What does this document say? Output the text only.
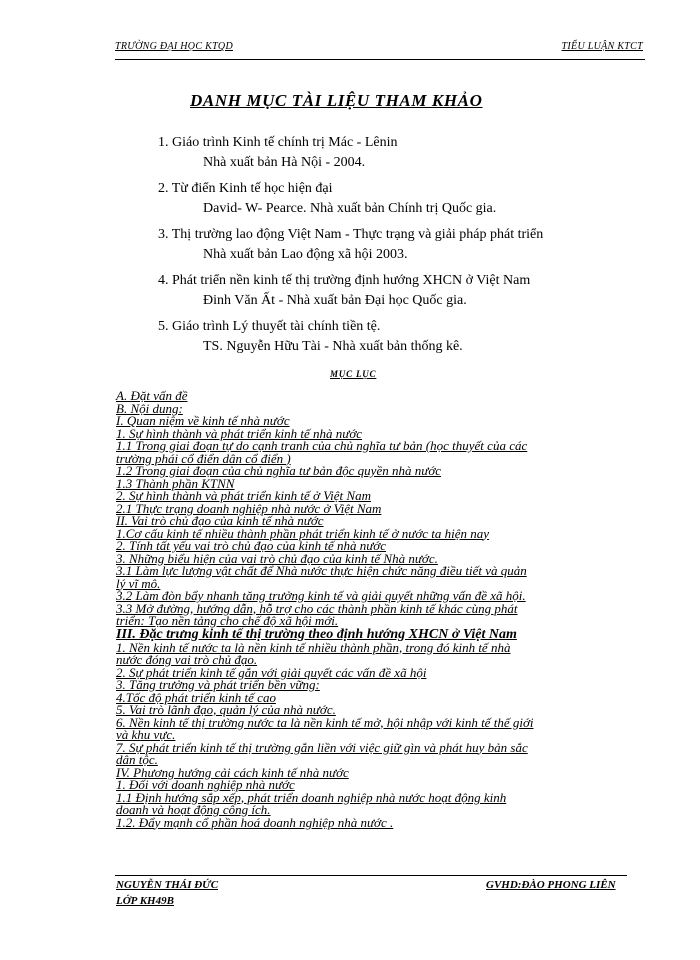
TRƯỜNG ĐẠI HỌC KTQD	TIỂU LUẬN KTCT
DANH MỤC TÀI LIỆU THAM KHẢO
1. Giáo trình Kinh tế chính trị Mác - Lênin
Nhà xuất bản Hà Nội - 2004.
2. Từ điển Kinh tế học hiện đại
David- W- Pearce. Nhà xuất bản Chính trị Quốc gia.
3. Thị trường lao động Việt Nam - Thực trạng và giải pháp phát triển
Nhà xuất bản Lao động xã hội 2003.
4. Phát triển nền kinh tế thị trường định hướng XHCN ở Việt Nam
Đinh Văn Ất - Nhà xuất bản Đại học Quốc gia.
5. Giáo trình Lý thuyết tài chính tiền tệ.
TS. Nguyễn Hữu Tài - Nhà xuất bản thống kê.
MỤC LỤC
A. Đặt vấn đề
B. Nội dung:
I. Quan niệm về kinh tế nhà nước
1. Sự hình thành và phát triển kinh tế nhà nước
1.1 Trong giai đoạn tự do cạnh tranh của chủ nghĩa tư bản (học thuyết của các
trường phái cổ điển dân cổ điển )
1.2 Trong giai đoạn của chủ nghĩa tư bản độc quyền nhà nước
1.3 Thành phần KTNN
2. Sự hình thành và phát triển kinh tế ở Việt Nam
2.1 Thực trạng doanh nghiệp nhà nước ở Việt Nam
II. Vai trò chủ đạo của kinh tế nhà nước
1.Cơ cấu kinh tế nhiều thành phần phát triển kinh tế ở nước ta hiện nay
2. Tính tất yếu vai trò chủ đạo của kinh tế nhà nước
3. Những biểu hiện của vai trò chủ đạo của kinh tế Nhà nước.
3.1 Làm lực lượng vật chất để Nhà nước thực hiện chức năng điều tiết và quản
lý vĩ mô.
3.2 Làm đòn bẩy nhanh tăng trưởng kinh tế và giải quyết những vấn đề xã hội.
3.3 Mở đường, hướng dẫn, hỗ trợ cho các thành phần kinh tế khác cùng phát
triển: Tạo nền tảng cho chế độ xã hội mới.
III. Đặc trưng kinh tế thị trường theo định hướng XHCN ở Việt Nam
1. Nền kinh tế nước ta là nền kinh tế nhiều thành phần, trong đó kinh tế nhà
nước đóng vai trò chủ đạo.
2. Sự phát triển kinh tế gắn với giải quyết các vấn đề xã hội
3. Tăng trưởng và phát triển bền vững:
4.Tốc độ phát triển kinh tế cao
5. Vai trò lãnh đạo, quản lý của nhà nước.
6. Nền kinh tế thị trường nước ta là nền kinh tế mở, hội nhập với kinh tế thế giới
và khu vực.
7. Sự phát triển kinh tế thị trường gắn liền với việc giữ gìn và phát huy bản sắc
dân tộc.
IV. Phương hướng cải cách kinh tế nhà nước
1. Đối với doanh nghiệp nhà nước
1.1 Định hướng sắp xếp, phát triển doanh nghiệp nhà nước hoạt động kinh
doanh và hoạt động công ích.
1.2. Đẩy mạnh cổ phần hoá doanh nghiệp nhà nước .
NGUYỄN THÁI ĐỨC
LỚP KH49B
GVHD:ĐÀO PHONG LIÊN
